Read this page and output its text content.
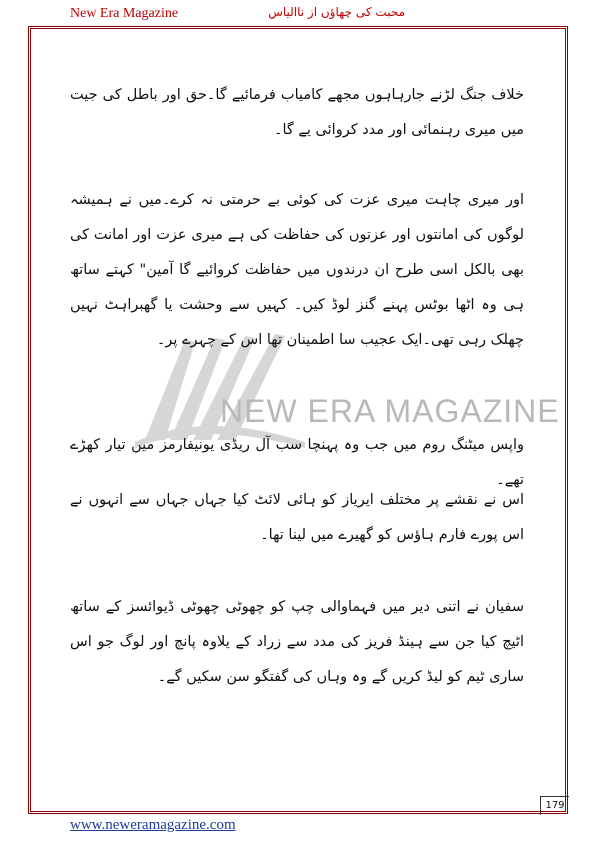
New Era Magazine	محبت کی چھاؤں از ناالیاس
NEW ERA MAGAZINE
خلاف جنگ لڑنے جارہاہوں مجھے کامیاب فرمائیے گا۔حق اور باطل کی جیت میں میری رہنمائی اور مدد کروائی یے گا۔
اور میری چاہت میری عزت کی کوئی بے حرمتی نہ کرے۔میں نے ہمیشہ لوگوں کی امانتوں اور عزتوں کی حفاظت کی ہے میری عزت اور امانت کی بھی بالکل اسی طرح ان درندوں میں حفاظت کروائیے گا آمین" کہتے ساتھ ہی وہ اٹھا بوٹس پہنے گنز لوڈ کیں۔ کہیں سے وحشت یا گھبراہٹ نہیں چھلک رہی تھی۔ایک عجیب سا اطمینان تھا اس کے چہرے پر۔
واپس میٹنگ روم میں جب وہ پہنچا سب آل ریڈی یونیفارمز میں تیار کھڑے تھے۔
اس نے نقشے پر مختلف ایریاز کو ہائی لائٹ کیا جہاں جہاں سے انہوں نے اس پورے فارم ہاؤس کو گھیرے میں لینا تھا۔
سفیان نے اتنی دیر میں فہماوالی چپ کو چھوٹی چھوٹی ڈیوائسز کے ساتھ اٹیچ کیا جن سے ہینڈ فریز کی مدد سے زراد کے یلاوہ پانچ اور لوگ جو اس ساری ٹیم کو لیڈ کریں گے وہ وہاں کی گفتگو سن سکیں گے۔
179
www.neweramagazine.com
